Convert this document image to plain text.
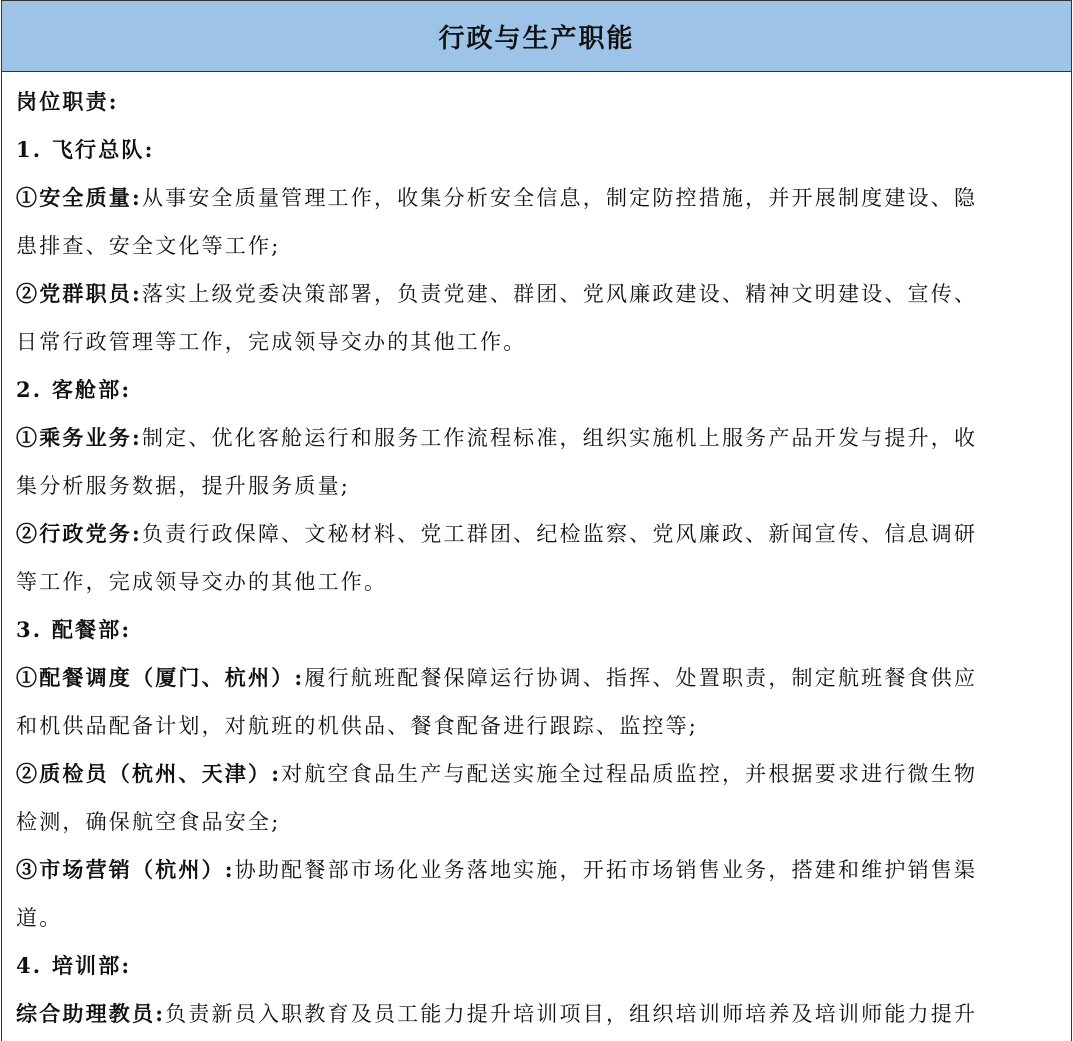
行政与生产职能
岗位职责:
1. 飞行总队:
①安全质量:从事安全质量管理工作，收集分析安全信息，制定防控措施，并开展制度建设、隐
患排查、安全文化等工作;
②党群职员:落实上级党委决策部署，负责党建、群团、党风廉政建设、精神文明建设、宣传、
日常行政管理等工作，完成领导交办的其他工作。
2. 客舱部:
①乘务业务:制定、优化客舱运行和服务工作流程标准，组织实施机上服务产品开发与提升，收
集分析服务数据，提升服务质量;
②行政党务:负责行政保障、文秘材料、党工群团、纪检监察、党风廉政、新闻宣传、信息调研
等工作，完成领导交办的其他工作。
3. 配餐部:
①配餐调度（厦门、杭州）:履行航班配餐保障运行协调、指挥、处置职责，制定航班餐食供应
和机供品配备计划，对航班的机供品、餐食配备进行跟踪、监控等;
②质检员（杭州、天津）:对航空食品生产与配送实施全过程品质监控，并根据要求进行微生物
检测，确保航空食品安全;
③市场营销（杭州）:协助配餐部市场化业务落地实施，开拓市场销售业务，搭建和维护销售渠
道。
4. 培训部:
综合助理教员:负责新员入职教育及员工能力提升培训项目，组织培训师培养及培训师能力提升
